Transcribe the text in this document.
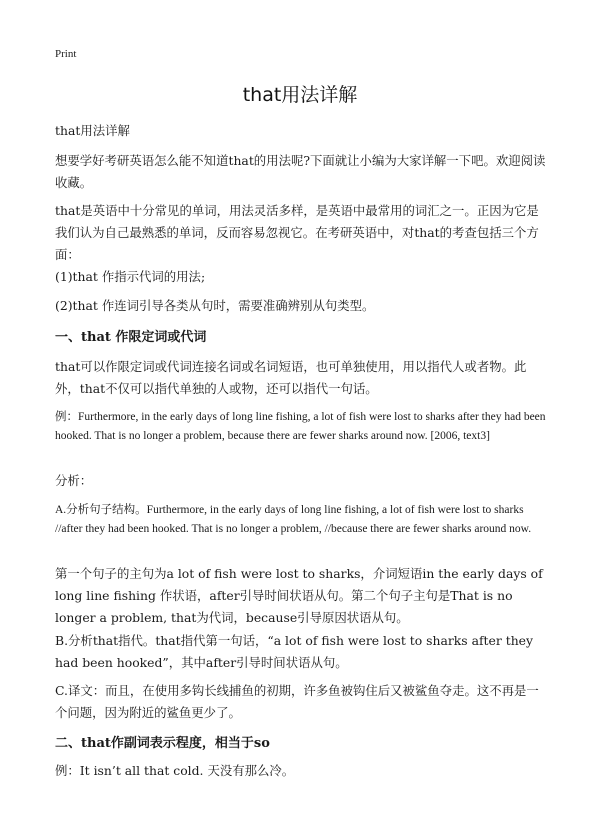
Print
that用法详解
that用法详解
想要学好考研英语怎么能不知道that的用法呢?下面就让小编为大家详解一下吧。欢迎阅读收藏。
that是英语中十分常见的单词，用法灵活多样，是英语中最常用的词汇之一。正因为它是我们认为自己最熟悉的单词，反而容易忽视它。在考研英语中，对that的考查包括三个方面：
(1)that 作指示代词的用法;
(2)that 作连词引导各类从句时，需要准确辨别从句类型。
一、that 作限定词或代词
that可以作限定词或代词连接名词或名词短语，也可单独使用，用以指代人或者物。此外，that不仅可以指代单独的人或物，还可以指代一句话。
例：Furthermore, in the early days of long line fishing, a lot of fish were lost to sharks after they had been hooked. That is no longer a problem, because there are fewer sharks around now. [2006, text3]
分析：
A.分析句子结构。Furthermore, in the early days of long line fishing, a lot of fish were lost to sharks //after they had been hooked. That is no longer a problem, //because there are fewer sharks around now.
第一个句子的主句为a lot of fish were lost to sharks，介词短语in the early days of long line fishing 作状语，after引导时间状语从句。第二个句子主句是That is no longer a problem, that为代词，because引导原因状语从句。
B.分析that指代。that指代第一句话，“a lot of fish were lost to sharks after they had been hooked”，其中after引导时间状语从句。
C.译文：而且，在使用多钩长线捕鱼的初期，许多鱼被钩住后又被鲨鱼夺走。这不再是一个问题，因为附近的鲨鱼更少了。
二、that作副词表示程度，相当于so
例：It isn’t all that cold. 天没有那么冷。
